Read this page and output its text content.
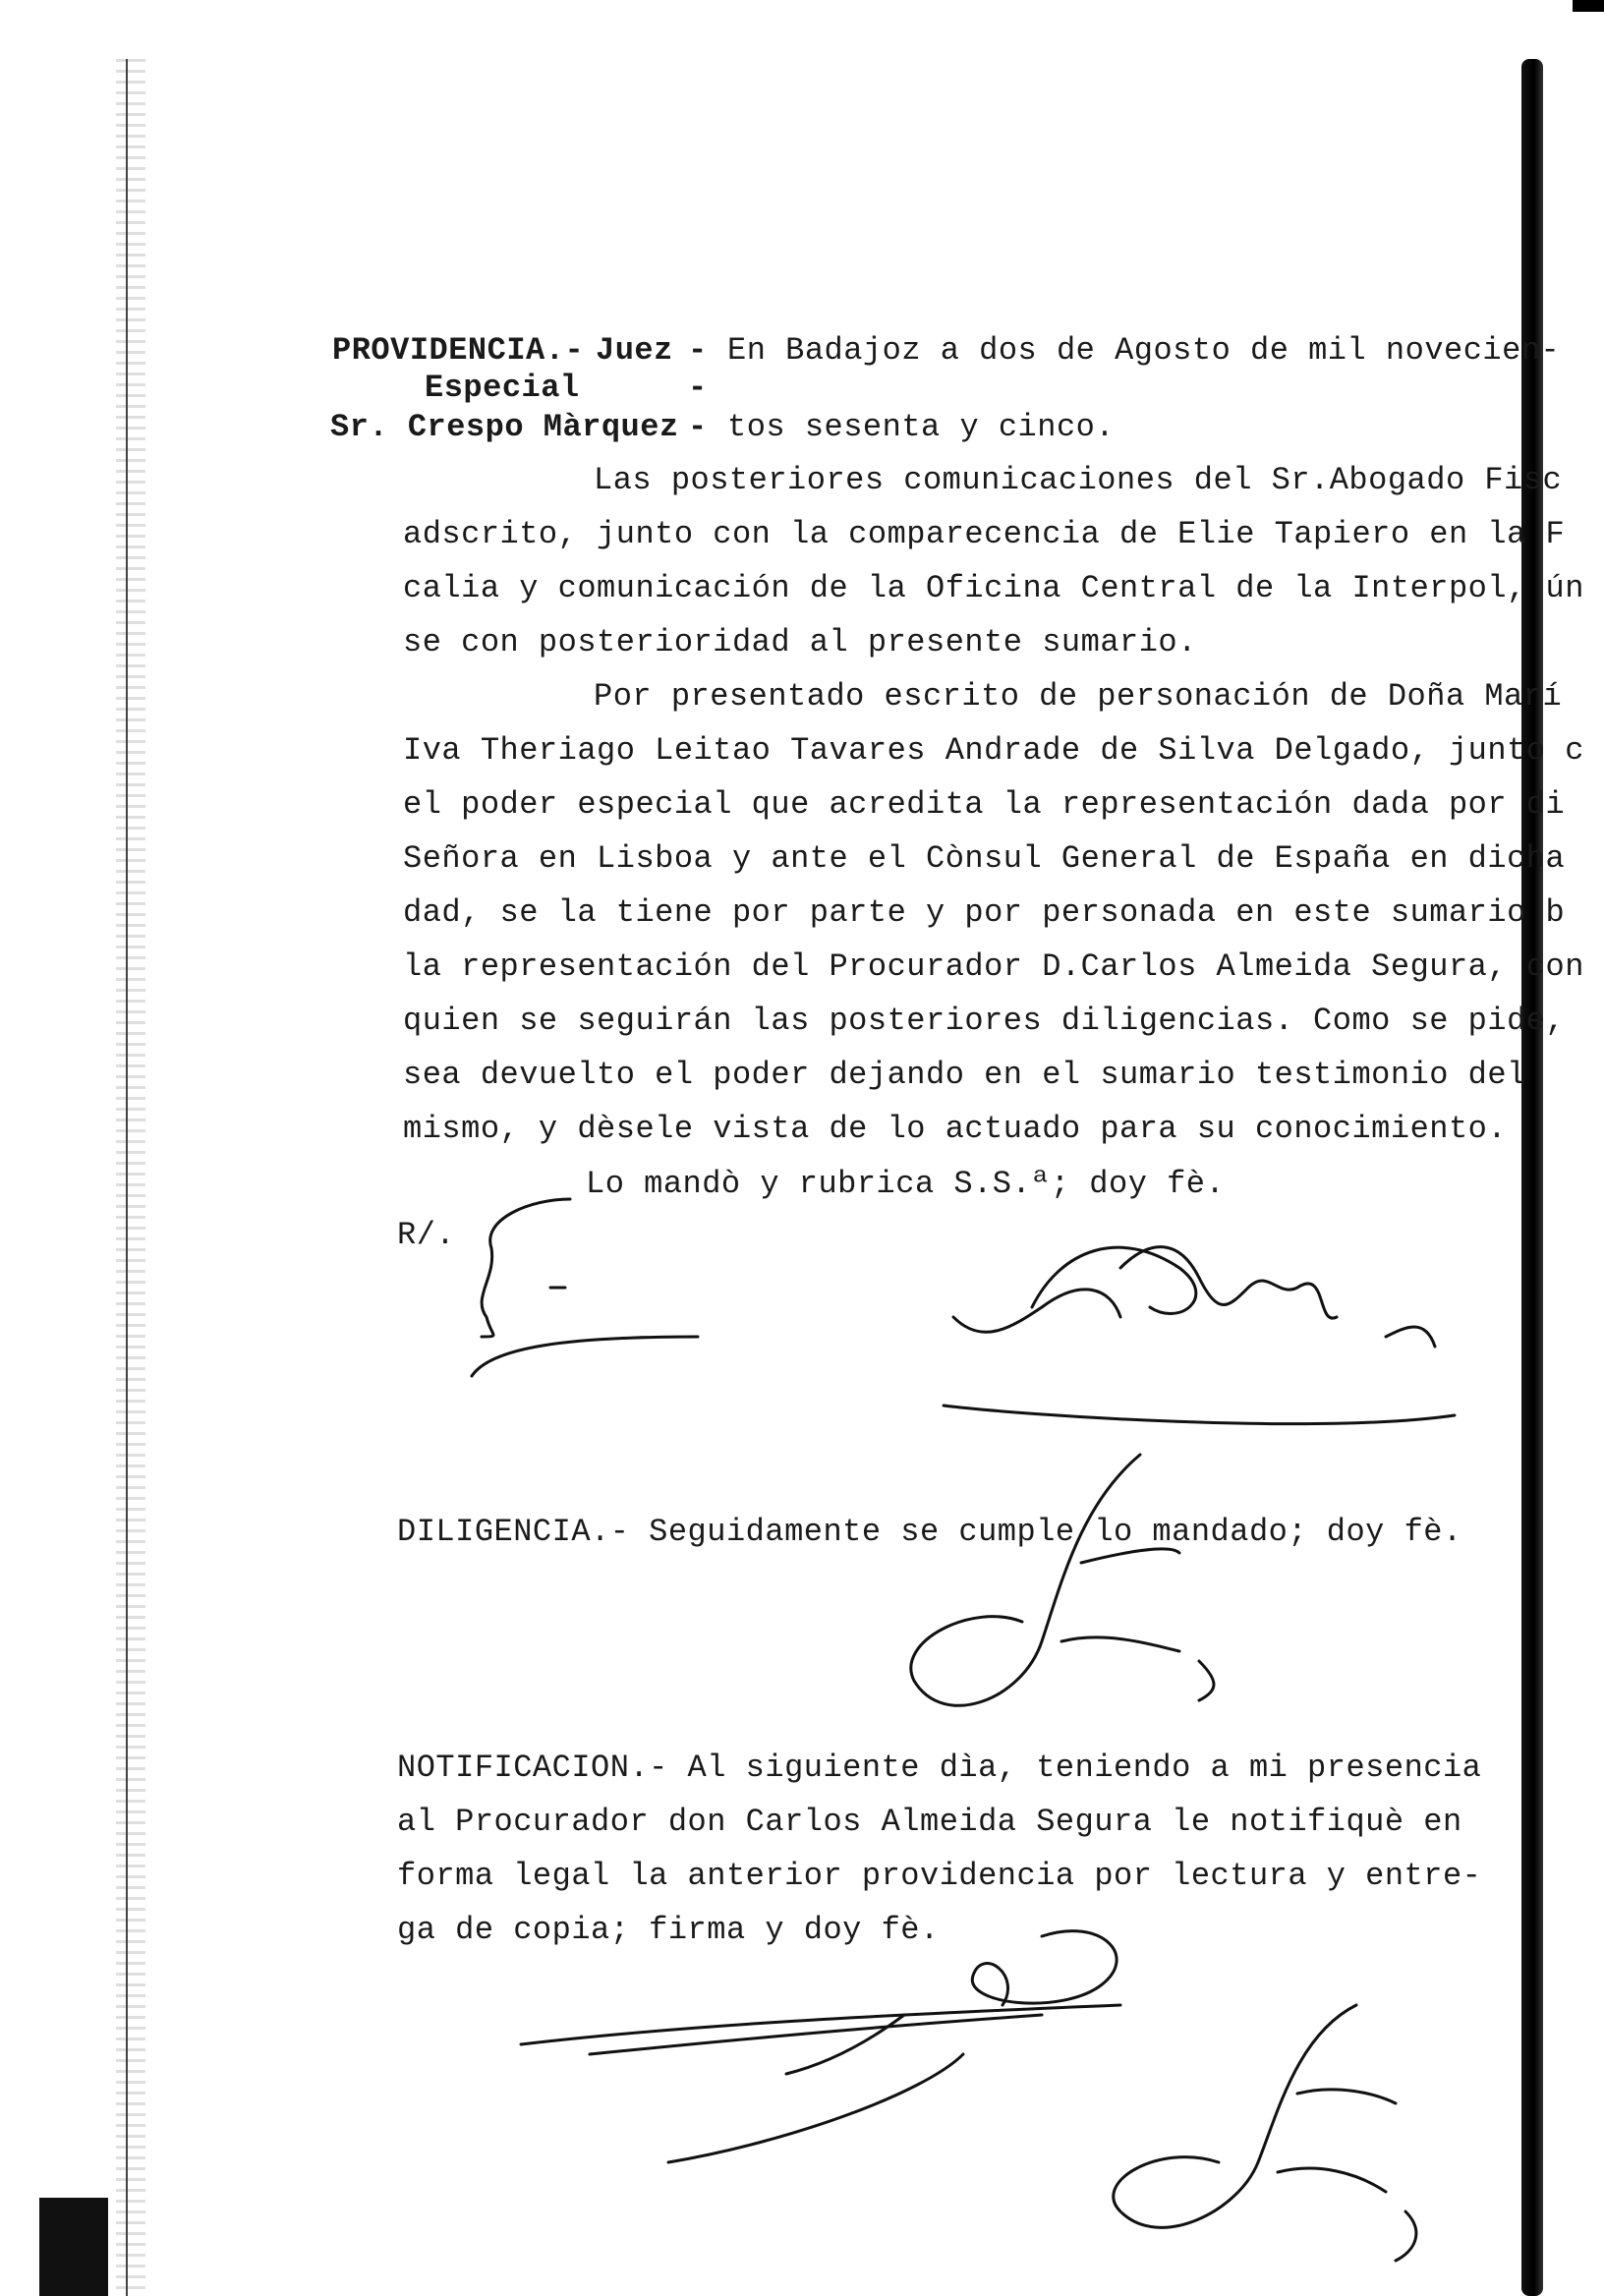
PROVIDENCIA.- Juez
Especial
Sr. Crespo Màrquez
-
-
En Badajoz a dos de Agosto de mil novecien-
-
tos sesenta y cinco.
Las posteriores comunicaciones del Sr.Abogado Fisc
adscrito, junto con la comparecencia de Elie Tapiero en la F
calia y comunicación de la Oficina Central de la Interpol, ún
se con posterioridad al presente sumario.
Por presentado escrito de personación de Doña Marí
Iva Theriago Leitao Tavares Andrade de Silva Delgado, junto c
el poder especial que acredita la representación dada por di
Señora en Lisboa y ante el Cònsul General de España en dicha
dad, se la tiene por parte y por personada en este sumario b
la representación del Procurador D.Carlos Almeida Segura, con
quien se seguirán las posteriores diligencias. Como se pide,
sea devuelto el poder dejando en el sumario testimonio del
mismo, y dèsele vista de lo actuado para su conocimiento.
Lo mandò y rubrica S.S.ª; doy fè.
R/.
DILIGENCIA.- Seguidamente se cumple lo mandado; doy fè.
NOTIFICACION.- Al siguiente dìa, teniendo a mi presencia
al Procurador don Carlos Almeida Segura le notifiquè en
forma legal la anterior providencia por lectura y entre-
ga de copia; firma y doy fè.
